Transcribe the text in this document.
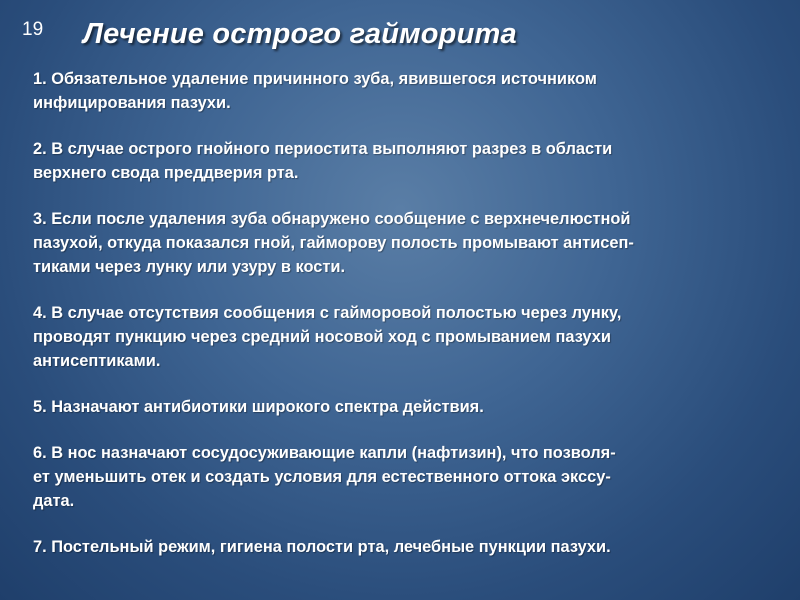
19 Лечение острого гайморита
1. Обязательное удаление причинного зуба, явившегося источником
инфицирования пазухи.
2. В случае острого гнойного периостита выполняют разрез в области
верхнего свода преддверия рта.
3. Если после удаления зуба обнаружено сообщение с верхнечелюстной
пазухой, откуда показался гной, гайморову полость промывают антисеп-
тиками через лунку или узуру в кости.
4. В случае отсутствия сообщения с гайморовой полостью через лунку,
проводят пункцию через средний носовой ход с промыванием пазухи
антисептиками.
5. Назначают антибиотики широкого спектра действия.
6. В нос назначают сосудосуживающие капли (нафтизин), что позволя-
ет уменьшить отек и создать условия для естественного оттока экссу-
дата.
7. Постельный режим, гигиена полости рта, лечебные пункции пазухи.
